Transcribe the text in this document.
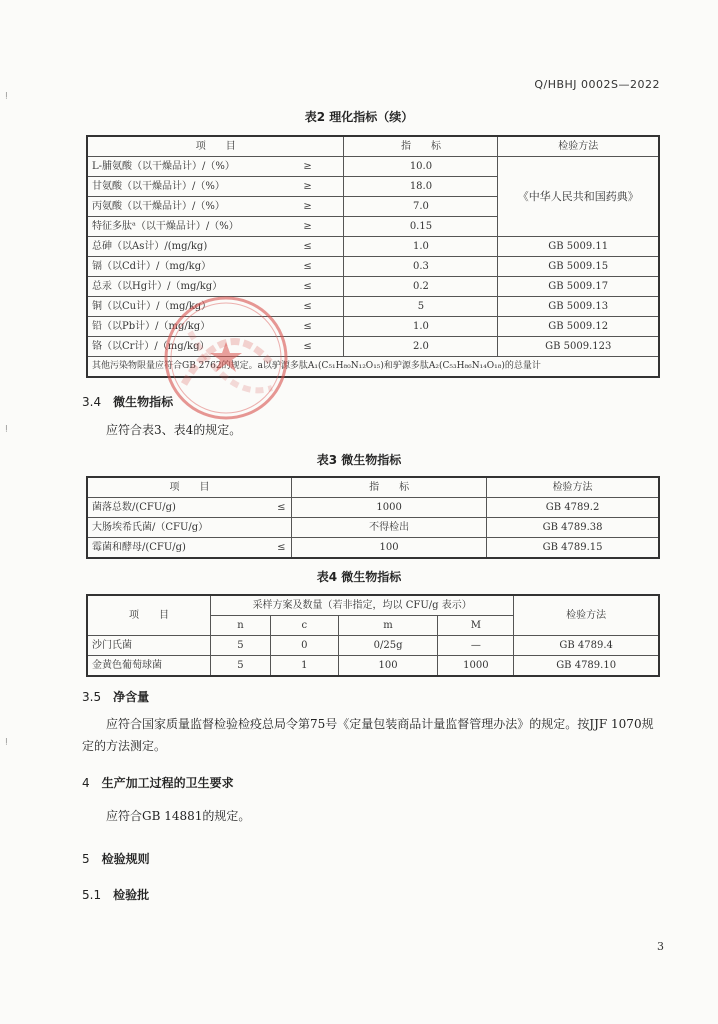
ǃ
ǃ
ǃ
Q/HBHJ 0002S—2022
表2 理化指标（续）
项　　目		指　　标	检验方法
L-脯氨酸（以干燥品计）/（%）	≥	10.0	《中华人民共和国药典》
甘氨酸（以干燥品计）/（%）	≥	18.0	
丙氨酸（以干燥品计）/（%）	≥	7.0	
特征多肽ᵃ（以干燥品计）/（%）	≥	0.15	
总砷（以As计）/(mg/kg)	≤	1.0	GB 5009.11
镉（以Cd计）/（mg/kg）	≤	0.3	GB 5009.15
总汞（以Hg计）/（mg/kg）	≤	0.2	GB 5009.17
铜（以Cu计）/（mg/kg）	≤	5	GB 5009.13
铅（以Pb计）/（mg/kg）	≤	1.0	GB 5009.12
铬（以Cr计）/（mg/kg）	≤	2.0	GB 5009.123
其他污染物限量应符合GB 2762的规定。a以驴源多肽A₁(C₅₁H₈₀N₁₂O₁₅)和驴源多肽A₂(C₅₃H₈₆N₁₄O₁₈)的总量计			
3.4 微生物指标
应符合表3、表4的规定。
表3 微生物指标
项　　目		指　　标	检验方法
菌落总数/(CFU/g)	≤	1000	GB 4789.2
大肠埃希氏菌/（CFU/g）		不得检出	GB 4789.38
霉菌和酵母/(CFU/g)	≤	100	GB 4789.15
表4 微生物指标
项　　目	采样方案及数量（若非指定，均以 CFU/g 表示）				检验方法
	n	c	m	M	
沙门氏菌	5	0	0/25g	—	GB 4789.4
金黄色葡萄球菌	5	1	100	1000	GB 4789.10
3.5 净含量
应符合国家质量监督检验检疫总局令第75号《定量包装商品计量监督管理办法》的规定。按JJF 1070规定的方法测定。
4 生产加工过程的卫生要求
应符合GB 14881的规定。
5 检验规则
5.1 检验批
3
